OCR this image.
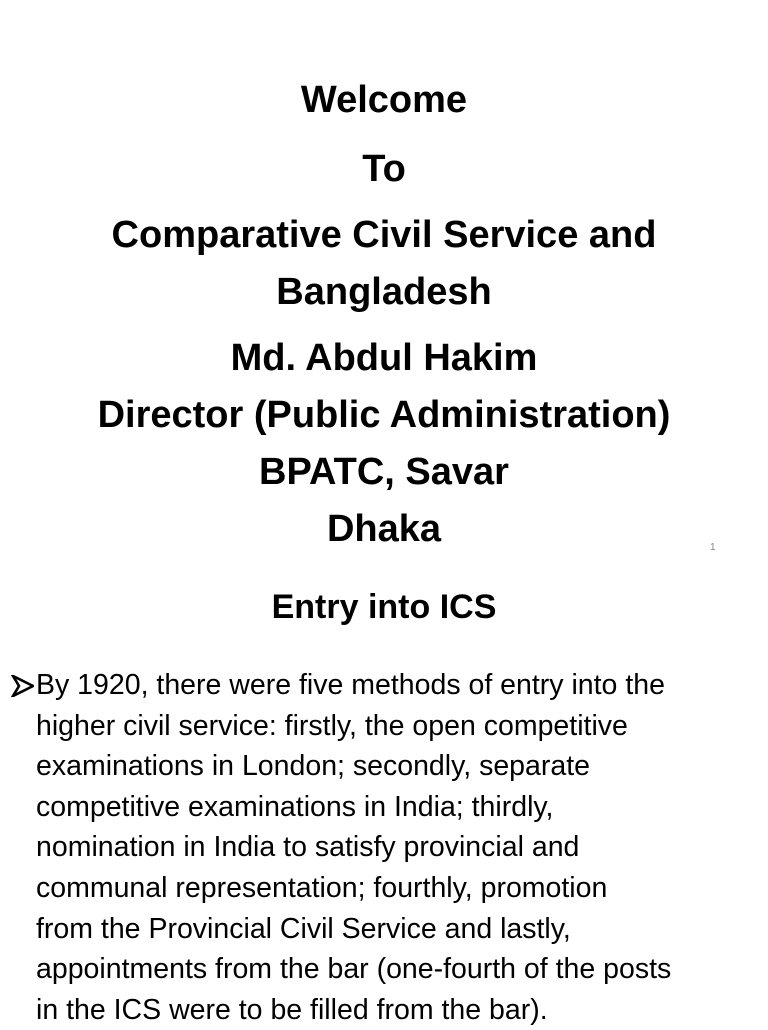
Welcome
To
Comparative Civil Service and
Bangladesh
Md. Abdul Hakim
Director (Public Administration)
BPATC, Savar
Dhaka	1
Entry into ICS

By 1920, there were five methods of entry into the
higher civil service: firstly, the open competitive
examinations in London; secondly, separate
competitive examinations in India; thirdly,
nomination in India to satisfy provincial and
communal representation; fourthly, promotion
from the Provincial Civil Service and lastly,
appointments from the bar (one-fourth of the posts
in the ICS were to be filled from the bar).
